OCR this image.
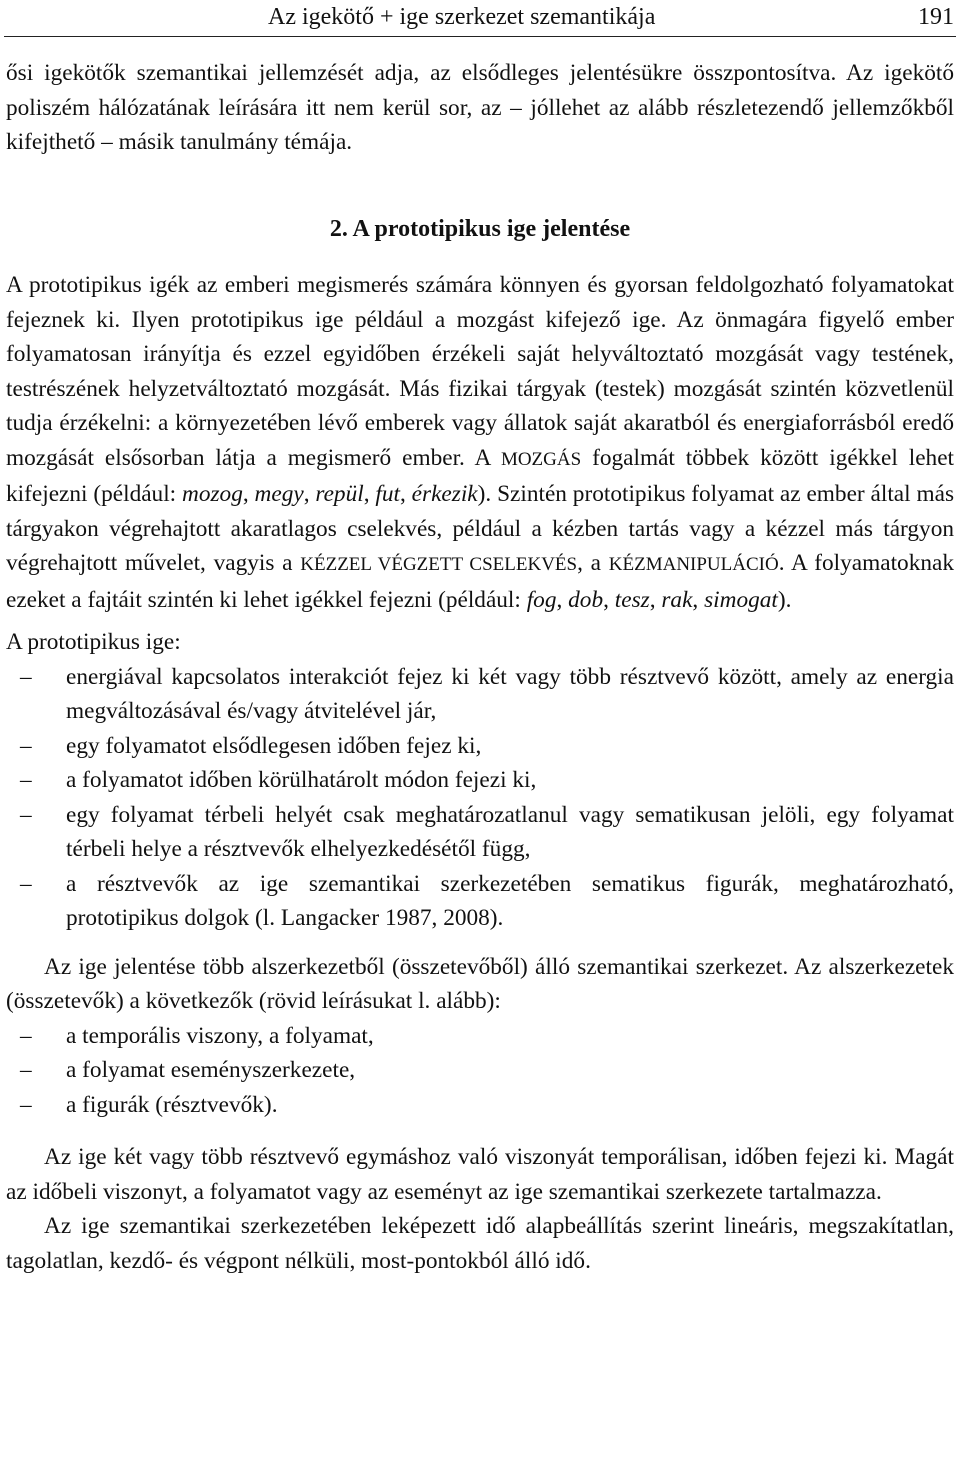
Az igekötő + ige szerkezet szemantikája	191

ősi igekötők szemantikai jellemzését adja, az elsődleges jelentésükre összpontosítva. Az igekötő poliszém hálózatának leírására itt nem kerül sor, az – jóllehet az alább részletezendő jellemzőkből kifejthető – másik tanulmány témája.

2. A prototipikus ige jelentése

A prototipikus igék az emberi megismerés számára könnyen és gyorsan feldolgozható folyamatokat fejeznek ki. Ilyen prototipikus ige például a mozgást kifejező ige. Az önmagára figyelő ember folyamatosan irányítja és ezzel egyidőben érzékeli saját helyváltoztató mozgását vagy testének, testrészének helyzetváltoztató mozgását. Más fizikai tárgyak (testek) mozgását szintén közvetlenül tudja érzékelni: a környezetében lévő emberek vagy állatok saját akaratból és energiaforrásból eredő mozgását elsősorban látja a megismerő ember. A MOZGÁS fogalmát többek között igékkel lehet kifejezni (például: mozog, megy, repül, fut, érkezik). Szintén prototipikus folyamat az ember által más tárgyakon végrehajtott akaratlagos cselekvés, például a kézben tartás vagy a kézzel más tárgyon végrehajtott művelet, vagyis a KÉZZEL VÉGZETT CSELEKVÉS, a KÉZMANIPULÁCIÓ. A folyamatoknak ezeket a fajtáit szintén ki lehet igékkel fejezni (például: fog, dob, tesz, rak, simogat).

A prototipikus ige:

– energiával kapcsolatos interakciót fejez ki két vagy több résztvevő között, amely az energia megváltozásával és/vagy átvitelével jár,
– egy folyamatot elsődlegesen időben fejez ki,
– a folyamatot időben körülhatárolt módon fejezi ki,
– egy folyamat térbeli helyét csak meghatározatlanul vagy sematikusan jelöli, egy folyamat térbeli helye a résztvevők elhelyezkedésétől függ,
– a résztvevők az ige szemantikai szerkezetében sematikus figurák, meghatározható, prototipikus dolgok (l. Langacker 1987, 2008).

Az ige jelentése több alszerkezetből (összetevőből) álló szemantikai szerkezet. Az alszerkezetek (összetevők) a következők (rövid leírásukat l. alább):

– a temporális viszony, a folyamat,
– a folyamat eseményszerkezete,
– a figurák (résztvevők).

Az ige két vagy több résztvevő egymáshoz való viszonyát temporálisan, időben fejezi ki. Magát az időbeli viszonyt, a folyamatot vagy az eseményt az ige szemantikai szerkezete tartalmazza.

Az ige szemantikai szerkezetében leképezett idő alapbeállítás szerint lineáris, megszakítatlan, tagolatlan, kezdő- és végpont nélküli, most-pontokból álló idő.
